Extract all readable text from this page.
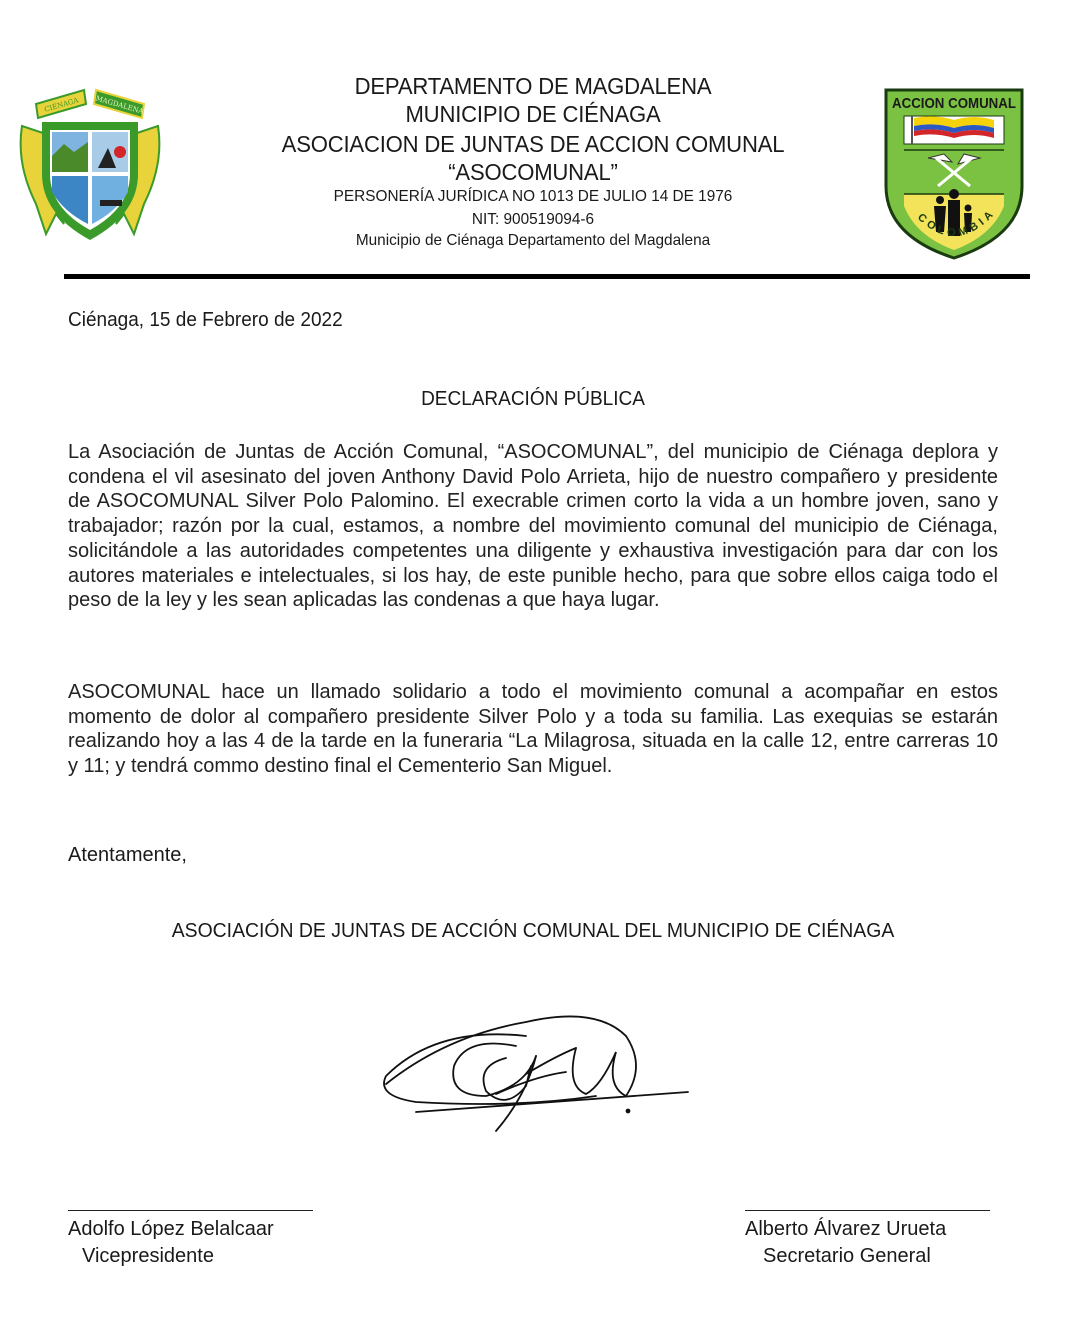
CIÉNAGA MAGDALENA
DEPARTAMENTO DE MAGDALENA
MUNICIPIO DE CIÉNAGA
ASOCIACION DE JUNTAS DE ACCION COMUNAL
“ASOCOMUNAL”
PERSONERÍA JURÍDICA NO 1013 DE JULIO 14 DE 1976
NIT: 900519094-6
Municipio de Ciénaga Departamento del Magdalena
ACCION COMUNAL
COLOMBIA
Ciénaga, 15 de Febrero de 2022
DECLARACIÓN PÚBLICA

La Asociación de Juntas de Acción Comunal, “ASOCOMUNAL”, del municipio de Ciénaga deplora y condena el vil asesinato del joven Anthony David Polo Arrieta, hijo de nuestro compañero y presidente de ASOCOMUNAL Silver Polo Palomino. El execrable crimen corto la vida a un hombre joven, sano y trabajador; razón por la cual, estamos, a nombre del movimiento comunal del municipio de Ciénaga, solicitándole a las autoridades competentes una diligente y exhaustiva investigación para dar con los autores materiales e intelectuales, si los hay, de este punible hecho, para que sobre ellos caiga todo el peso de la ley y les sean aplicadas las condenas a que haya lugar.

ASOCOMUNAL hace un llamado solidario a todo el movimiento comunal a acompañar en estos momento de dolor al compañero presidente Silver Polo y a toda su familia. Las exequias se estarán realizando hoy a las 4 de la tarde en la funeraria “La Milagrosa, situada en la calle 12, entre carreras 10 y 11; y tendrá commo destino final el Cementerio San Miguel.

Atentamente,
ASOCIACIÓN DE JUNTAS DE ACCIÓN COMUNAL DEL MUNICIPIO DE CIÉNAGA
Adolfo López Belalcaar
Vicepresidente
Alberto Álvarez Urueta
Secretario General
